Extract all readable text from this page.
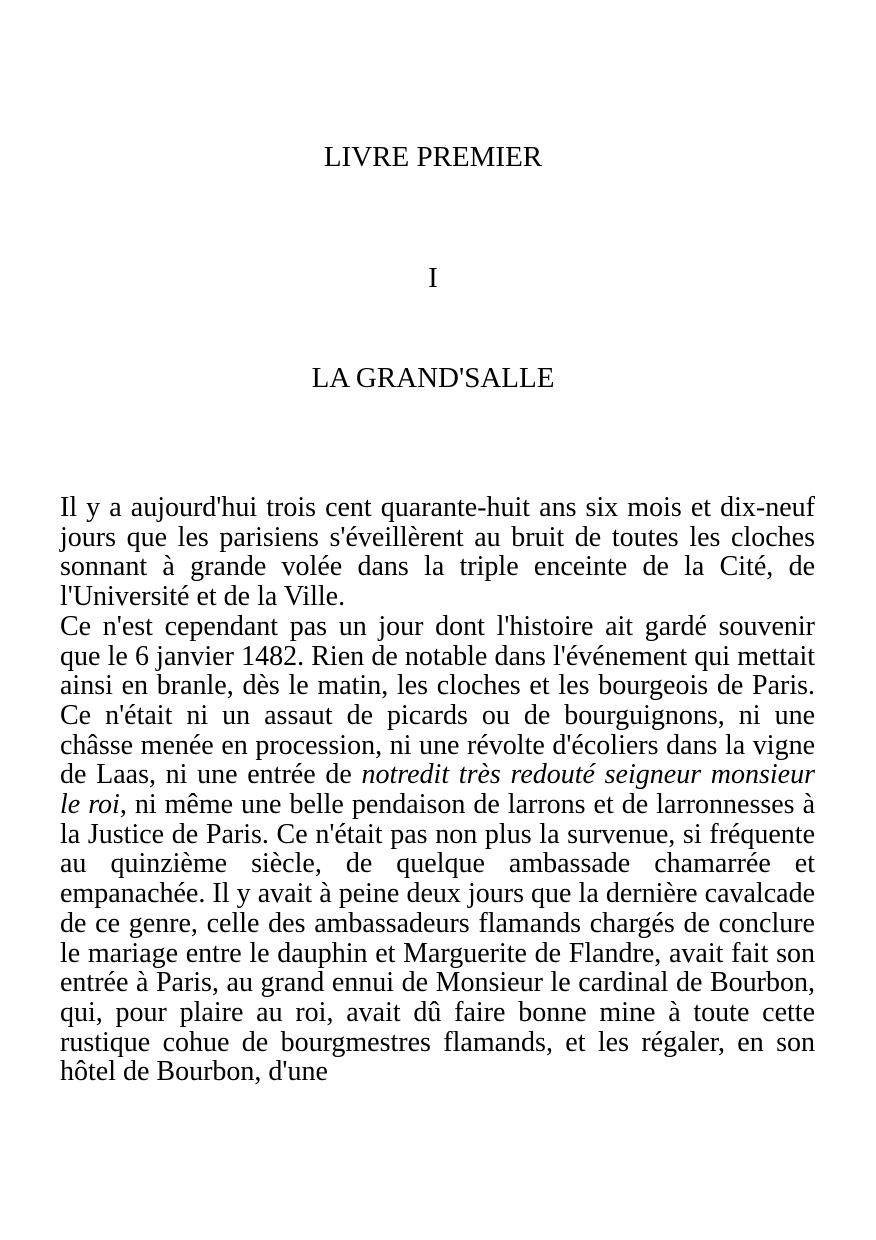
LIVRE PREMIER
I
LA GRAND'SALLE

Il y a aujourd'hui trois cent quarante-huit ans six mois et dix-neuf jours que les parisiens s'éveillèrent au bruit de toutes les cloches sonnant à grande volée dans la triple enceinte de la Cité, de l'Université et de la Ville.

Ce n'est cependant pas un jour dont l'histoire ait gardé souvenir que le 6 janvier 1482. Rien de notable dans l'événement qui mettait ainsi en branle, dès le matin, les cloches et les bourgeois de Paris. Ce n'était ni un assaut de picards ou de bourguignons, ni une châsse menée en procession, ni une révolte d'écoliers dans la vigne de Laas, ni une entrée de notredit très redouté seigneur monsieur le roi, ni même une belle pendaison de larrons et de larronnesses à la Justice de Paris. Ce n'était pas non plus la survenue, si fréquente au quinzième siècle, de quelque ambassade chamarrée et empanachée. Il y avait à peine deux jours que la dernière cavalcade de ce genre, celle des ambassadeurs flamands chargés de conclure le mariage entre le dauphin et Marguerite de Flandre, avait fait son entrée à Paris, au grand ennui de Monsieur le cardinal de Bourbon, qui, pour plaire au roi, avait dû faire bonne mine à toute cette rustique cohue de bourgmestres flamands, et les régaler, en son hôtel de Bourbon, d'une
